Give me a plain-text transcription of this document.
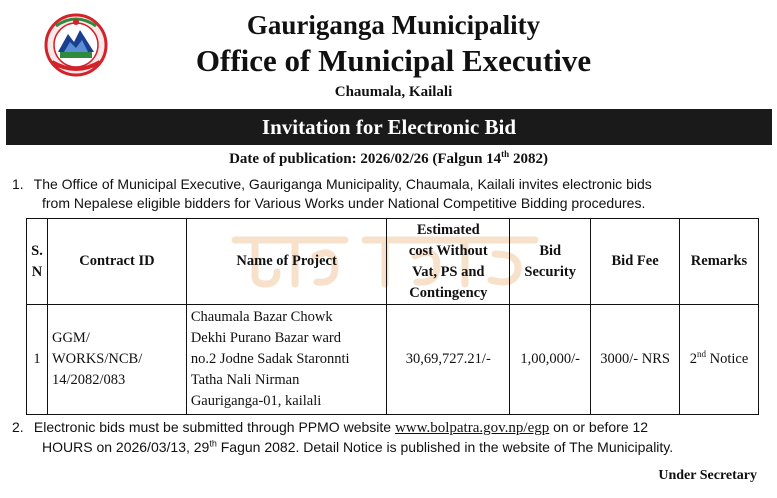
Gauriganga Municipality
Office of Municipal Executive
Chaumala, Kailali
Invitation for Electronic Bid
Date of publication: 2026/02/26 (Falgun 14th 2082)
1. The Office of Municipal Executive, Gauriganga Municipality, Chaumala, Kailali invites electronic bids
from Nepalese eligible bidders for Various Works under National Competitive Bidding procedures.
S.
N	Contract ID	Name of Project	Estimated
cost Without
Vat, PS and
Contingency	Bid
Security	Bid Fee	Remarks
1	GGM/
WORKS/NCB/
14/2082/083	Chaumala Bazar Chowk
Dekhi Purano Bazar ward
no.2 Jodne Sadak Staronnti
Tatha Nali Nirman
Gauriganga-01, kailali	30,69,727.21/-	1,00,000/-	3000/- NRS	2nd Notice
2. Electronic bids must be submitted through PPMO website www.bolpatra.gov.np/egp on or before 12
HOURS on 2026/03/13, 29th Fagun 2082. Detail Notice is published in the website of The Municipality.
Under Secretary
